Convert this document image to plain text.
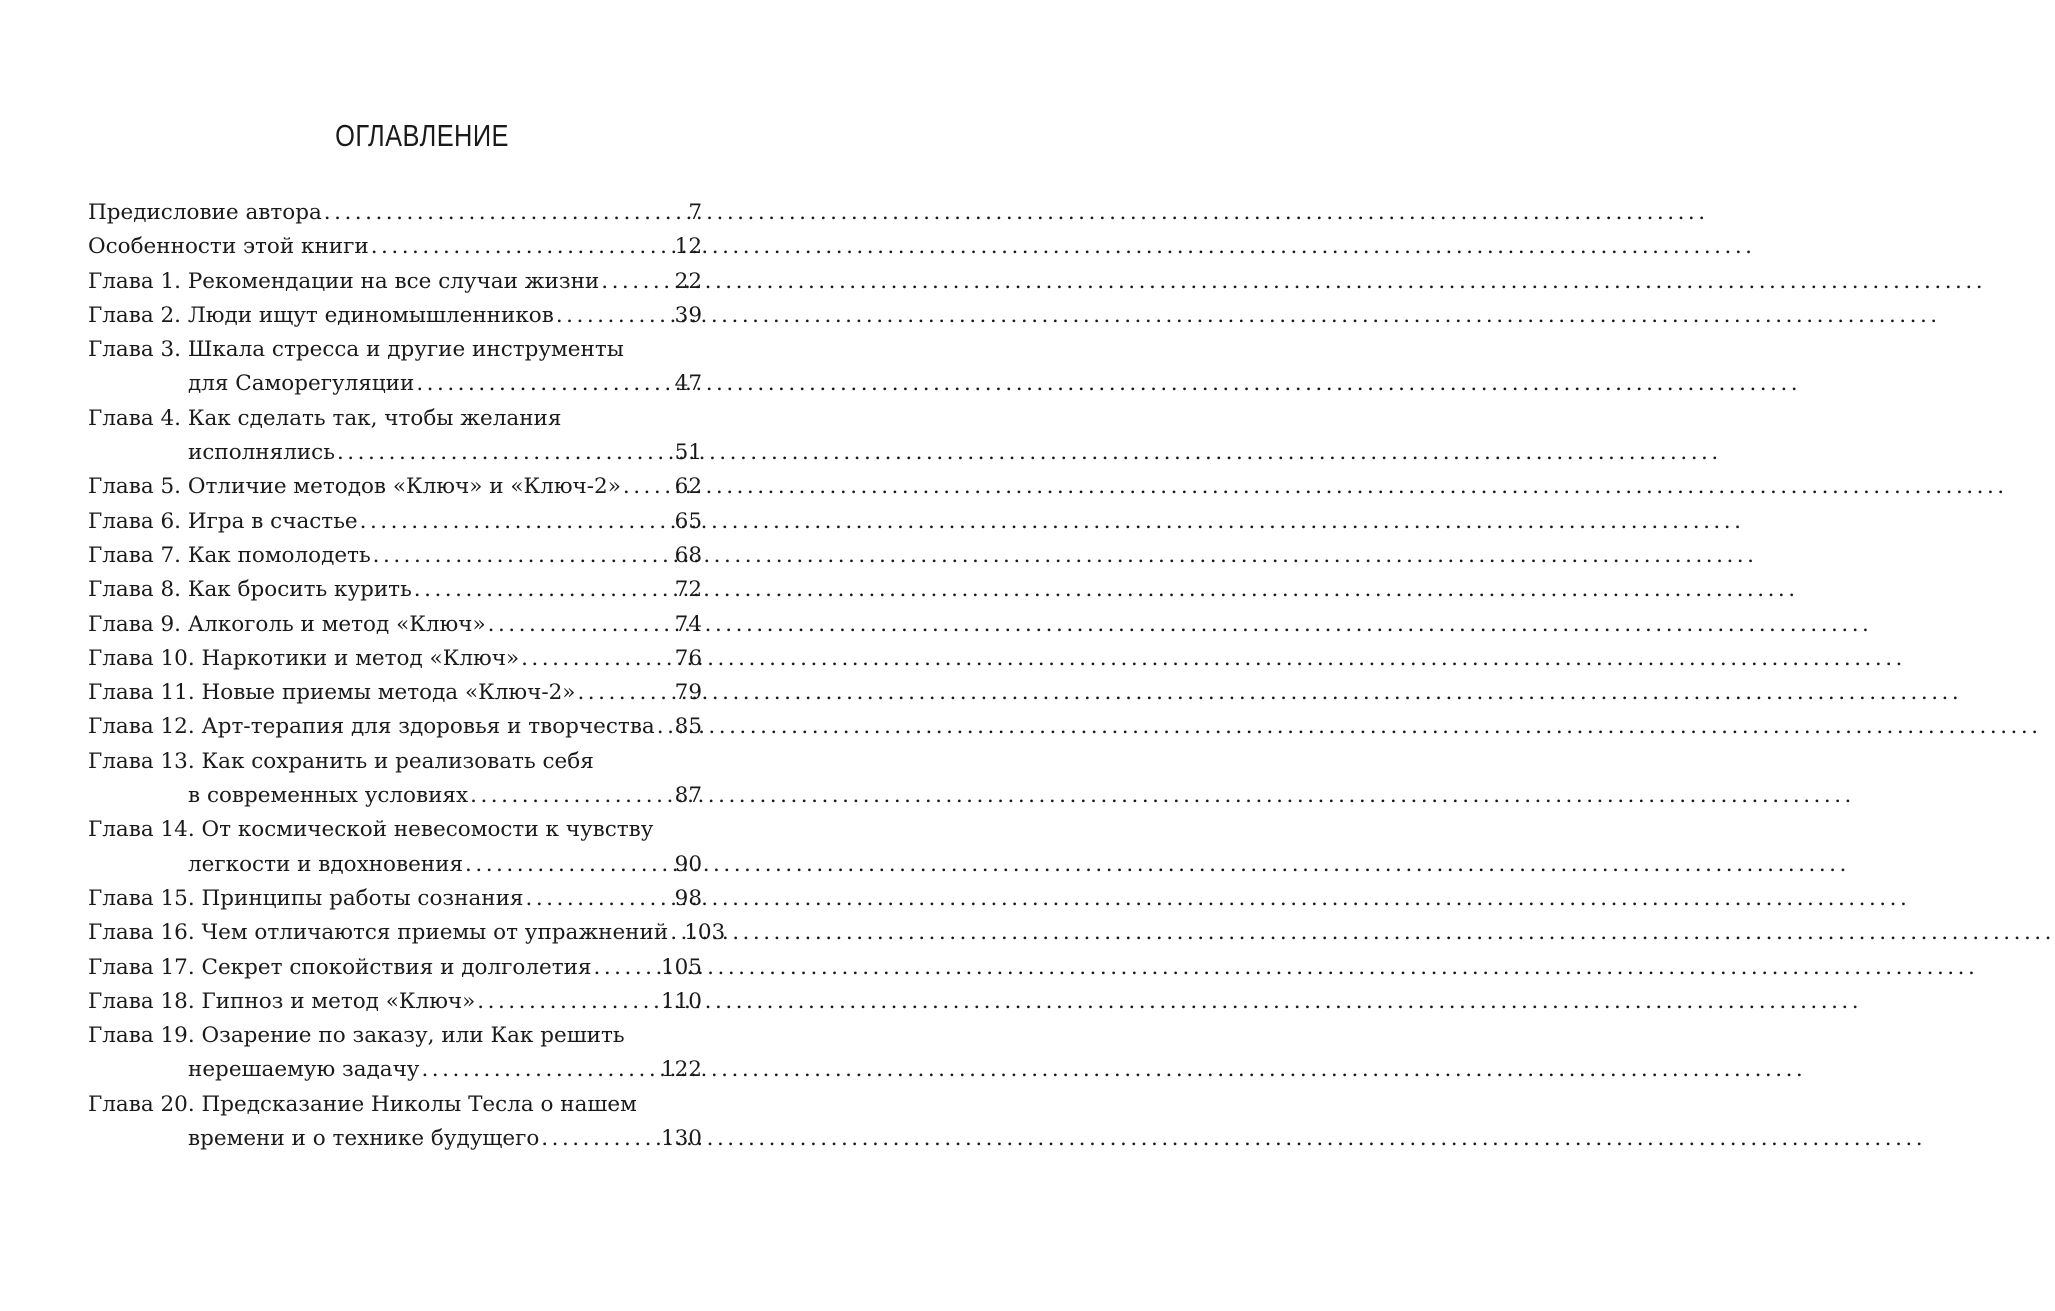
ОГЛАВЛЕНИЕ
Предисловие автора .....	7
Особенности этой книги .....	12
Глава 1. Рекомендации на все случаи жизни .....	22
Глава 2. Люди ищут единомышленников .....	39
Глава 3. Шкала стресса и другие инструменты
для Саморегуляции .....	47
Глава 4. Как сделать так, чтобы желания
исполнялись .....	51
Глава 5. Отличие методов «Ключ» и «Ключ-2» .....	62
Глава 6. Игра в счастье .....	65
Глава 7. Как помолодеть .....	68
Глава 8. Как бросить курить .....	72
Глава 9. Алкоголь и метод «Ключ» .....	74
Глава 10. Наркотики и метод «Ключ» .....	76
Глава 11. Новые приемы метода «Ключ-2» .....	79
Глава 12. Арт-терапия для здоровья и творчества ..... 85
Глава 13. Как сохранить и реализовать себя
в современных условиях .....	87
Глава 14. От космической невесомости к чувству
легкости и вдохновения .....	90
Глава 15. Принципы работы сознания .....	98
Глава 16. Чем отличаются приемы от упражнений ..... 103
Глава 17. Секрет спокойствия и долголетия .....	105
Глава 18. Гипноз и метод «Ключ» .....	110
Глава 19. Озарение по заказу, или Как решить
нерешаемую задачу .....	122
Глава 20. Предсказание Николы Тесла о нашем
времени и о технике будущего .....	130
